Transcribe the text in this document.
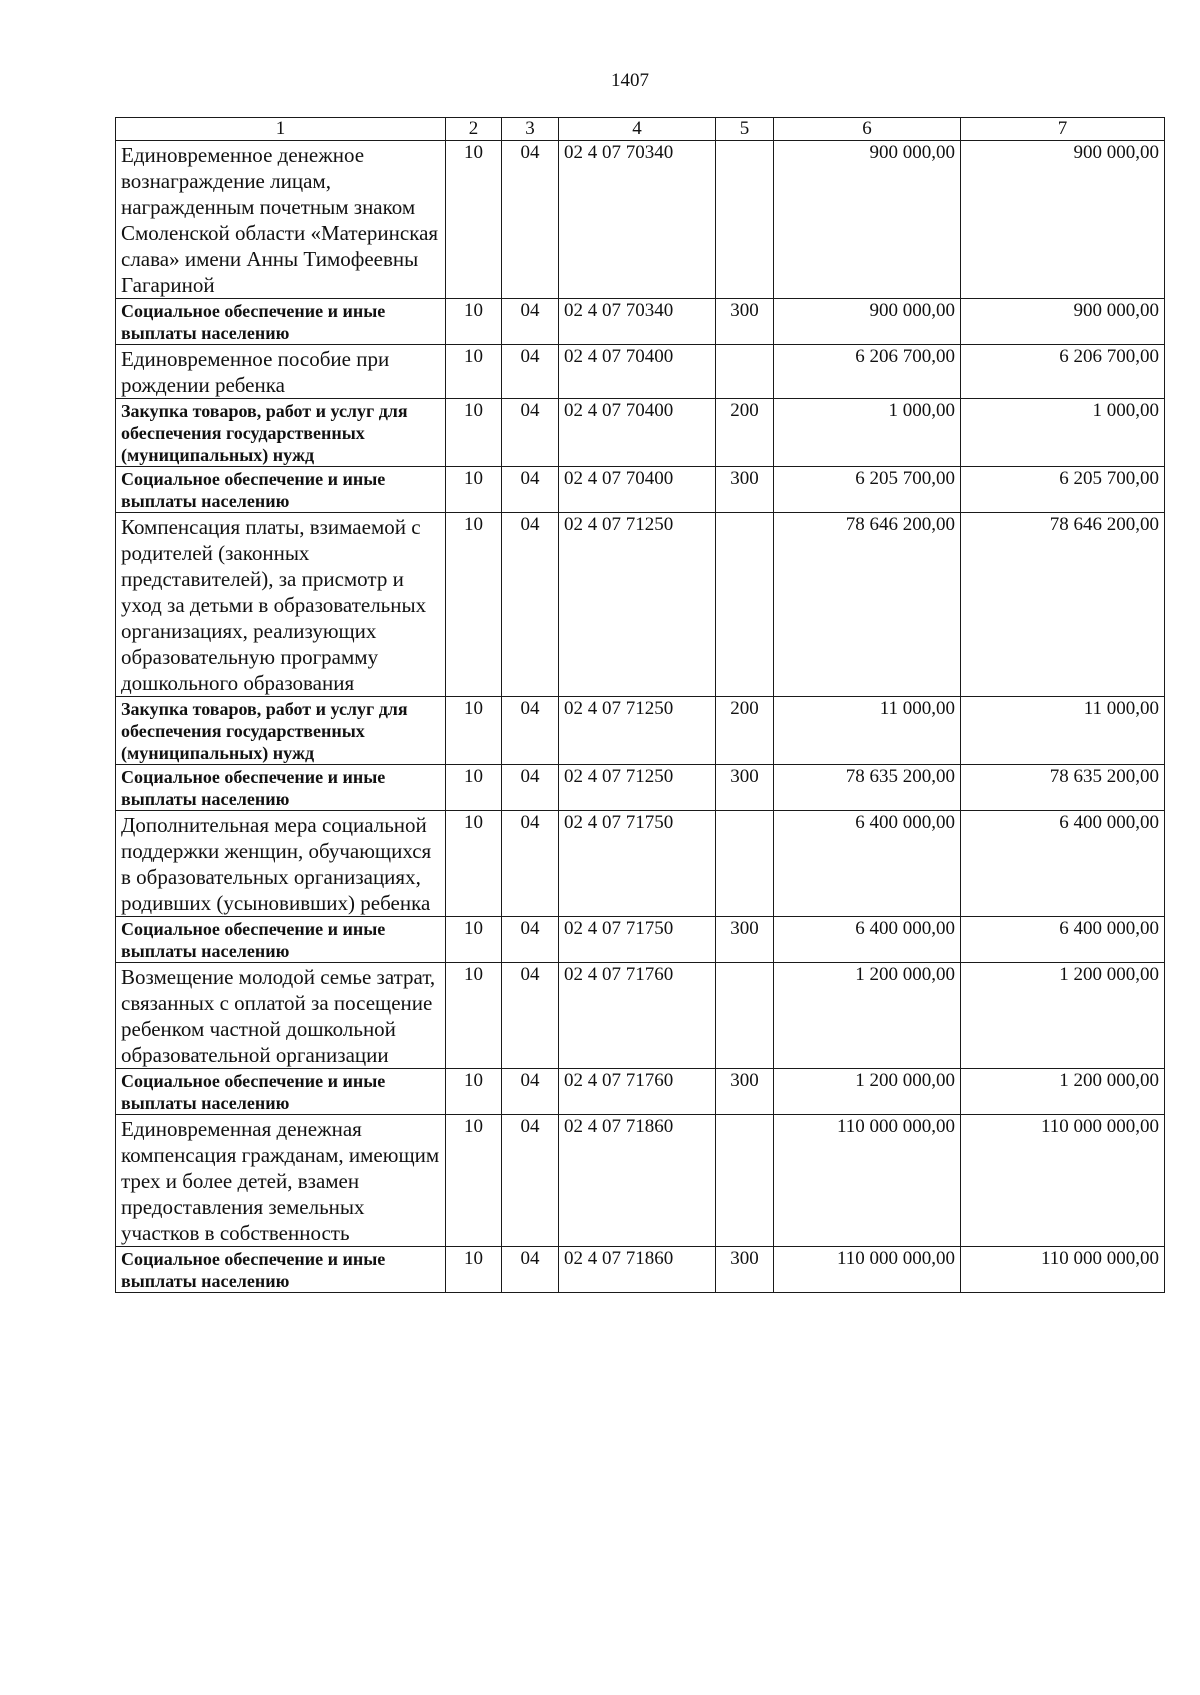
1407
1	2	3	4	5	6	7
Единовременное денежное вознаграждение лицам, награжденным почетным знаком Смоленской области «Материнская слава» имени Анны Тимофеевны Гагариной	10	04	02 4 07 70340		900 000,00	900 000,00
Социальное обеспечение и иные выплаты населению	10	04	02 4 07 70340	300	900 000,00	900 000,00
Единовременное пособие при рождении ребенка	10	04	02 4 07 70400		6 206 700,00	6 206 700,00
Закупка товаров, работ и услуг для обеспечения государственных (муниципальных) нужд	10	04	02 4 07 70400	200	1 000,00	1 000,00
Социальное обеспечение и иные выплаты населению	10	04	02 4 07 70400	300	6 205 700,00	6 205 700,00
Компенсация платы, взимаемой с родителей (законных представителей), за присмотр и уход за детьми в образовательных организациях, реализующих образовательную программу дошкольного образования	10	04	02 4 07 71250		78 646 200,00	78 646 200,00
Закупка товаров, работ и услуг для обеспечения государственных (муниципальных) нужд	10	04	02 4 07 71250	200	11 000,00	11 000,00
Социальное обеспечение и иные выплаты населению	10	04	02 4 07 71250	300	78 635 200,00	78 635 200,00
Дополнительная мера социальной поддержки женщин, обучающихся в образовательных организациях, родивших (усыновивших) ребенка	10	04	02 4 07 71750		6 400 000,00	6 400 000,00
Социальное обеспечение и иные выплаты населению	10	04	02 4 07 71750	300	6 400 000,00	6 400 000,00
Возмещение молодой семье затрат, связанных с оплатой за посещение ребенком частной дошкольной образовательной организации	10	04	02 4 07 71760		1 200 000,00	1 200 000,00
Социальное обеспечение и иные выплаты населению	10	04	02 4 07 71760	300	1 200 000,00	1 200 000,00
Единовременная денежная компенсация гражданам, имеющим трех и более детей, взамен предоставления земельных участков в собственность	10	04	02 4 07 71860		110 000 000,00	110 000 000,00
Социальное обеспечение и иные выплаты населению	10	04	02 4 07 71860	300	110 000 000,00	110 000 000,00
